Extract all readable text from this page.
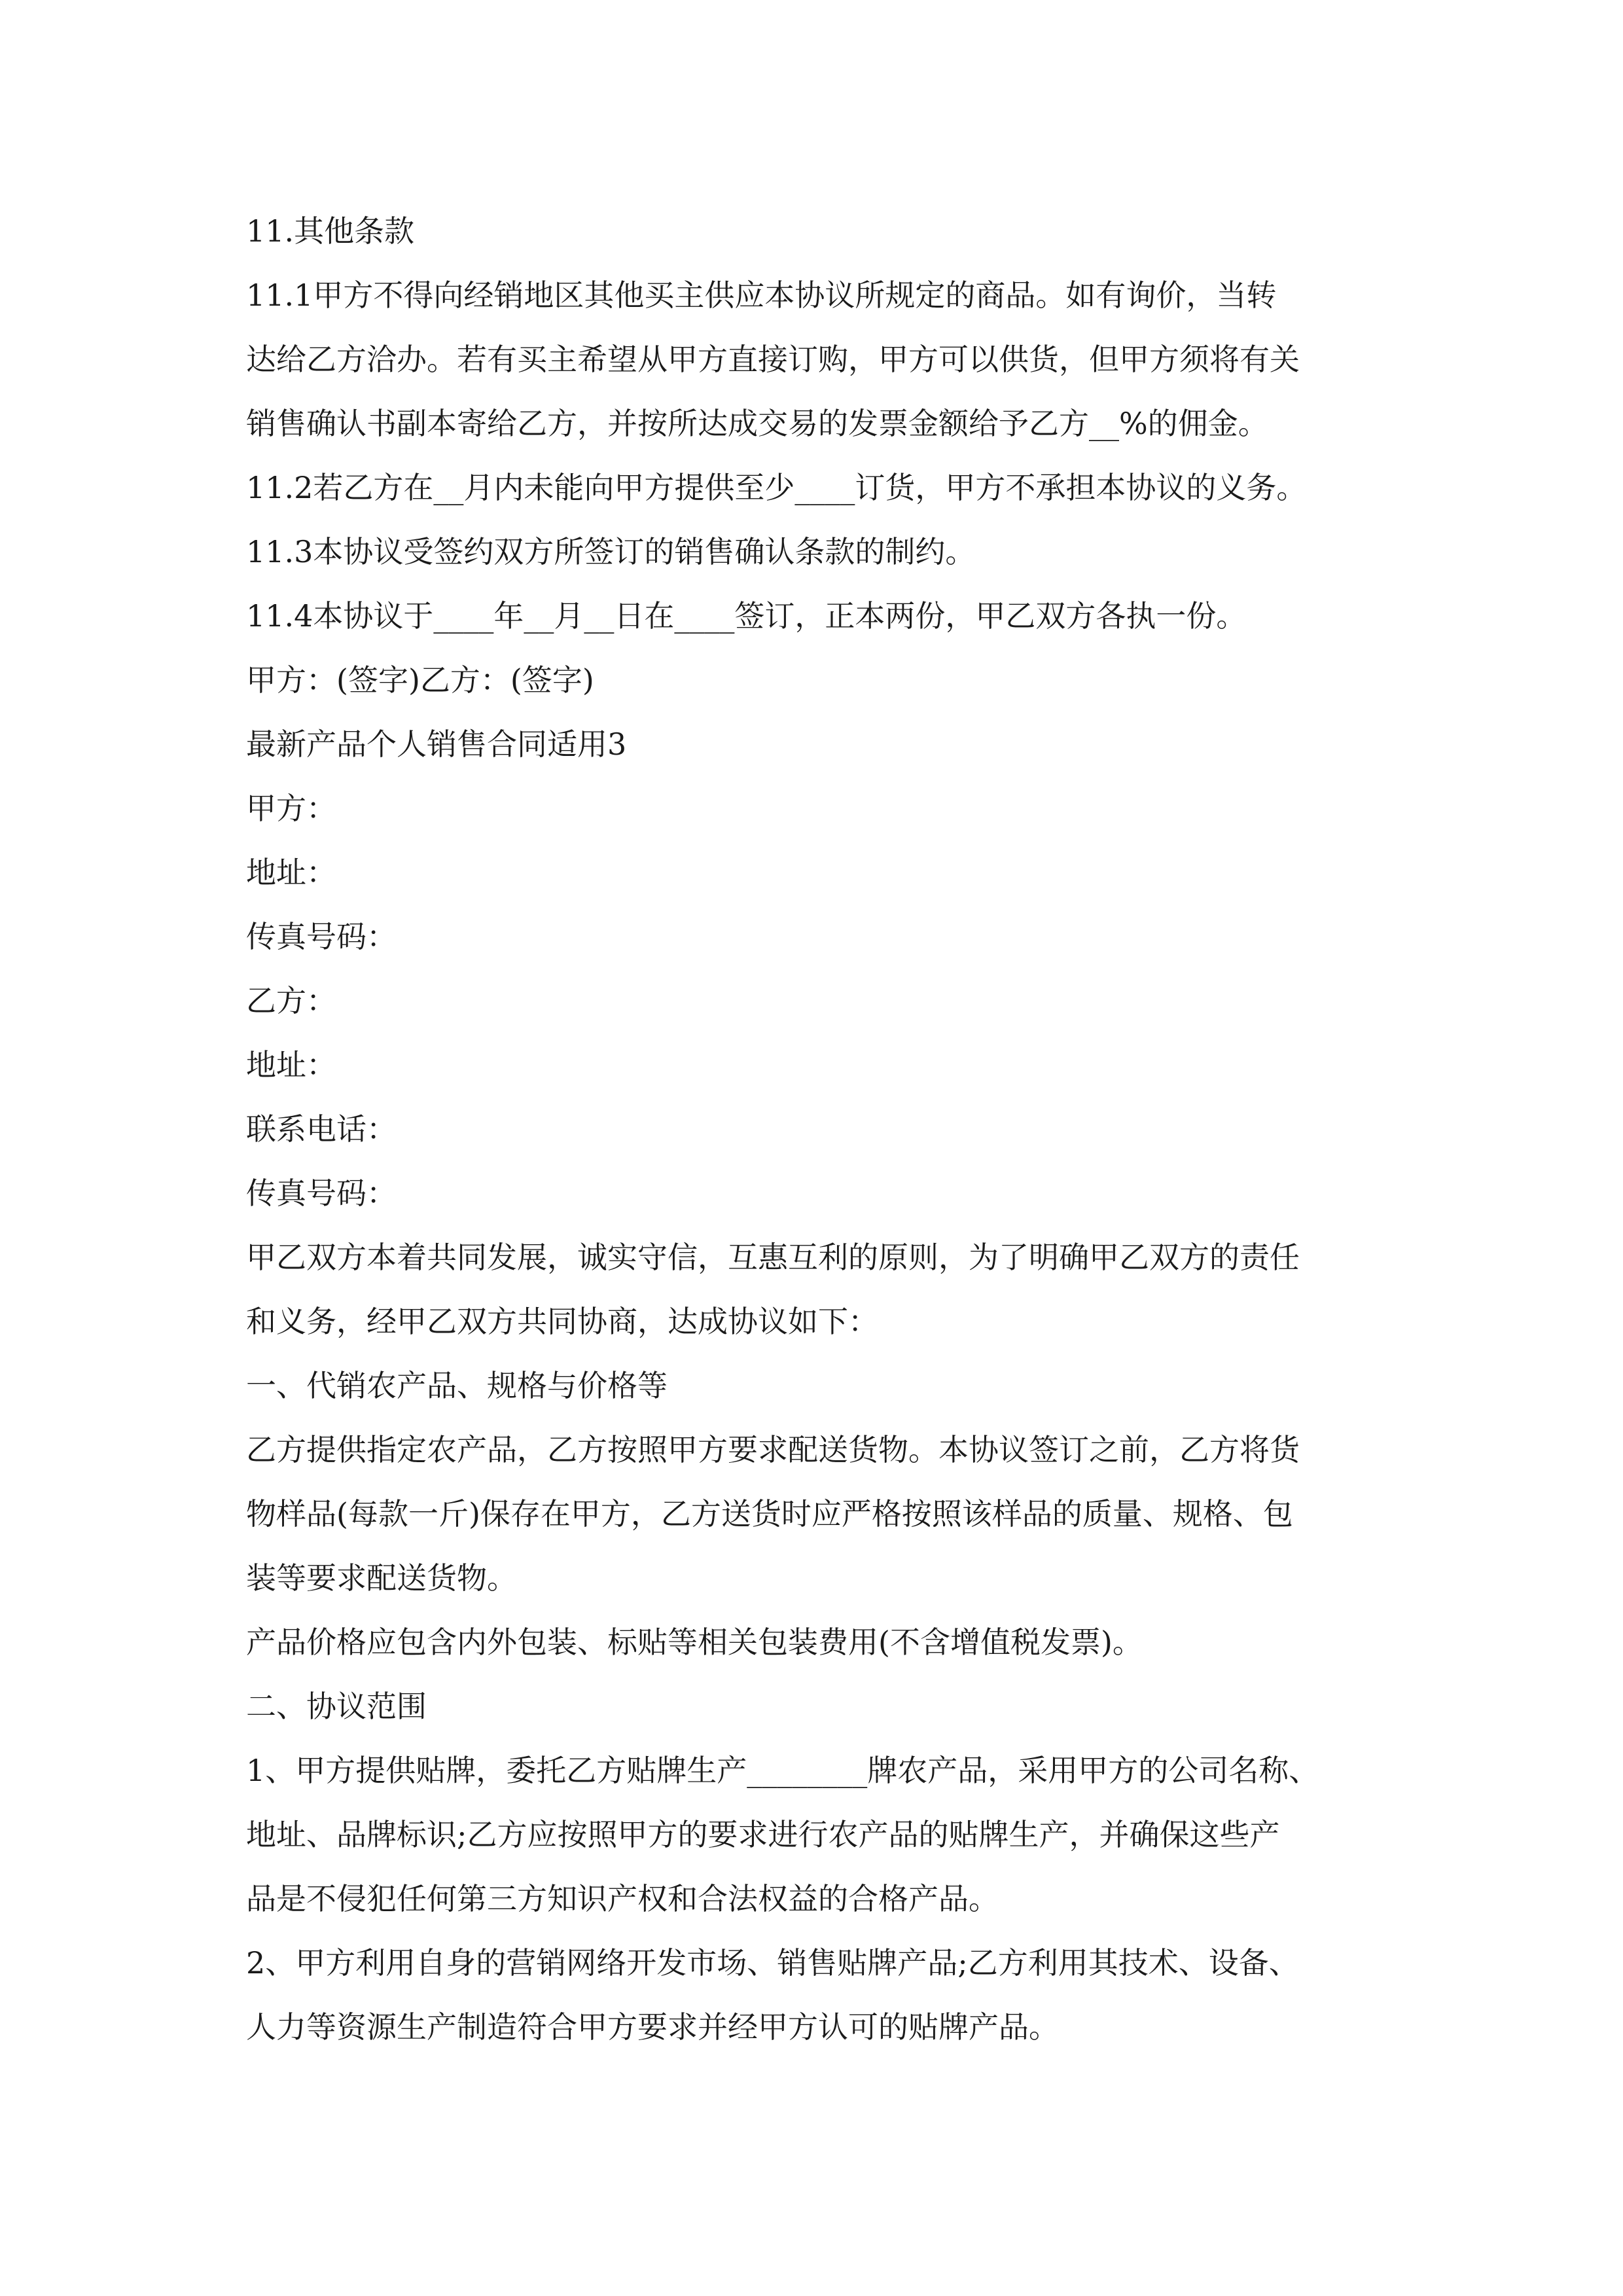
11.其他条款
11.1甲方不得向经销地区其他买主供应本协议所规定的商品。如有询价，当转
达给乙方洽办。若有买主希望从甲方直接订购，甲方可以供货，但甲方须将有关
销售确认书副本寄给乙方，并按所达成交易的发票金额给予乙方__%的佣金。
11.2若乙方在__月内未能向甲方提供至少____订货，甲方不承担本协议的义务。
11.3本协议受签约双方所签订的销售确认条款的制约。
11.4本协议于____年__月__日在____签订，正本两份，甲乙双方各执一份。
甲方：(签字)乙方：(签字)
最新产品个人销售合同适用3
甲方：
地址：
传真号码：
乙方：
地址：
联系电话：
传真号码：
甲乙双方本着共同发展，诚实守信，互惠互利的原则，为了明确甲乙双方的责任
和义务，经甲乙双方共同协商，达成协议如下：
一、代销农产品、规格与价格等
乙方提供指定农产品，乙方按照甲方要求配送货物。本协议签订之前，乙方将货
物样品(每款一斤)保存在甲方，乙方送货时应严格按照该样品的质量、规格、包
装等要求配送货物。
产品价格应包含内外包装、标贴等相关包装费用(不含增值税发票)。
二、协议范围
1、甲方提供贴牌，委托乙方贴牌生产________牌农产品，采用甲方的公司名称、
地址、品牌标识;乙方应按照甲方的要求进行农产品的贴牌生产，并确保这些产
品是不侵犯任何第三方知识产权和合法权益的合格产品。
2、甲方利用自身的营销网络开发市场、销售贴牌产品;乙方利用其技术、设备、
人力等资源生产制造符合甲方要求并经甲方认可的贴牌产品。
